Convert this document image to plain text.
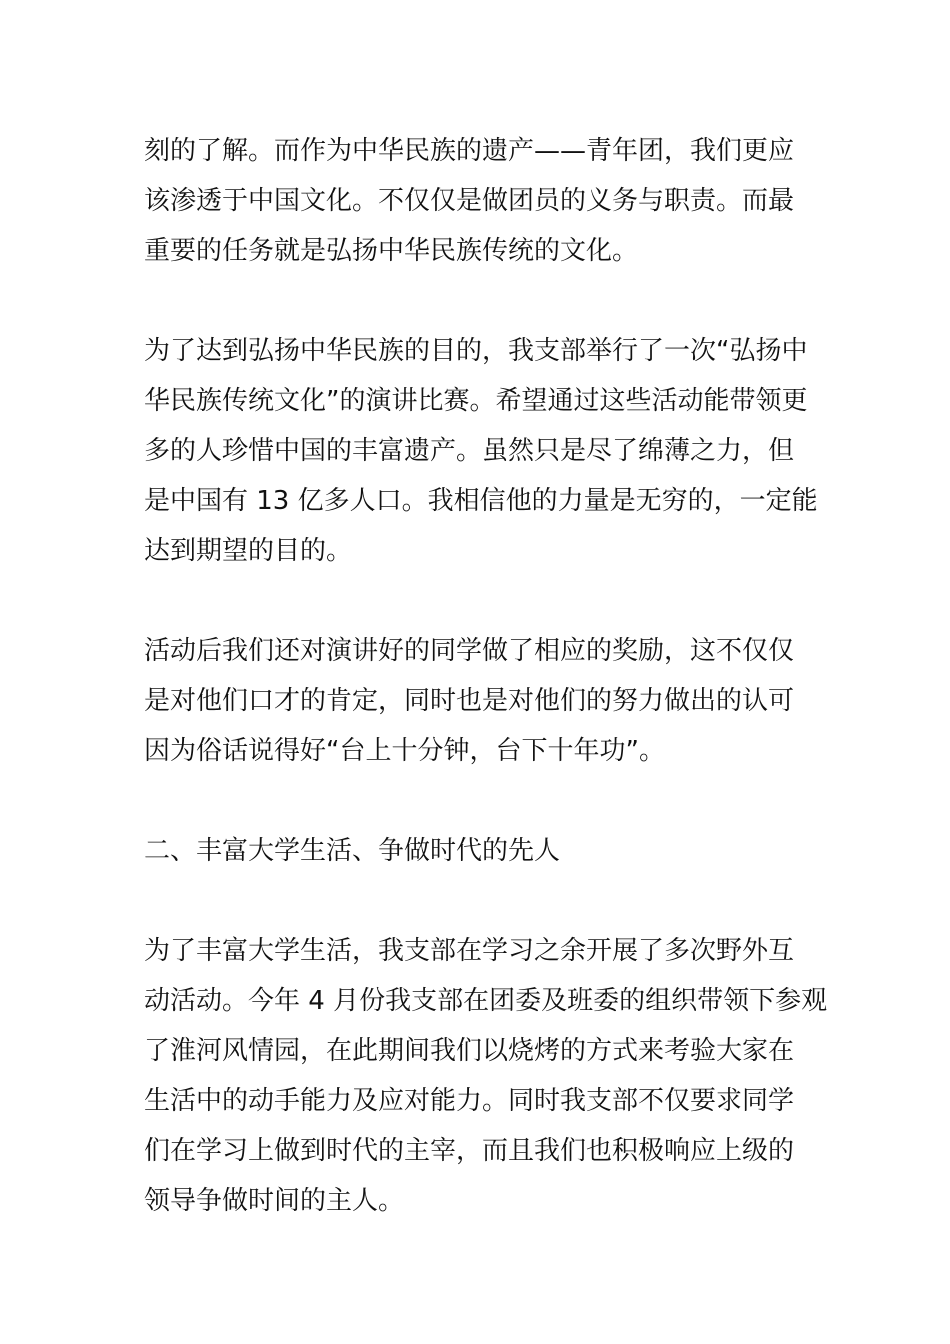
刻的了解。而作为中华民族的遗产——青年团，我们更应
该渗透于中国文化。不仅仅是做团员的义务与职责。而最
重要的任务就是弘扬中华民族传统的文化。

为了达到弘扬中华民族的目的，我支部举行了一次“弘扬中
华民族传统文化”的演讲比赛。希望通过这些活动能带领更
多的人珍惜中国的丰富遗产。虽然只是尽了绵薄之力，但
是中国有 13 亿多人口。我相信他的力量是无穷的，一定能
达到期望的目的。

活动后我们还对演讲好的同学做了相应的奖励，这不仅仅
是对他们口才的肯定，同时也是对他们的努力做出的认可
因为俗话说得好“台上十分钟，台下十年功”。

二、丰富大学生活、争做时代的先人

为了丰富大学生活，我支部在学习之余开展了多次野外互
动活动。今年 4 月份我支部在团委及班委的组织带领下参观
了淮河风情园，在此期间我们以烧烤的方式来考验大家在
生活中的动手能力及应对能力。同时我支部不仅要求同学
们在学习上做到时代的主宰，而且我们也积极响应上级的
领导争做时间的主人。
